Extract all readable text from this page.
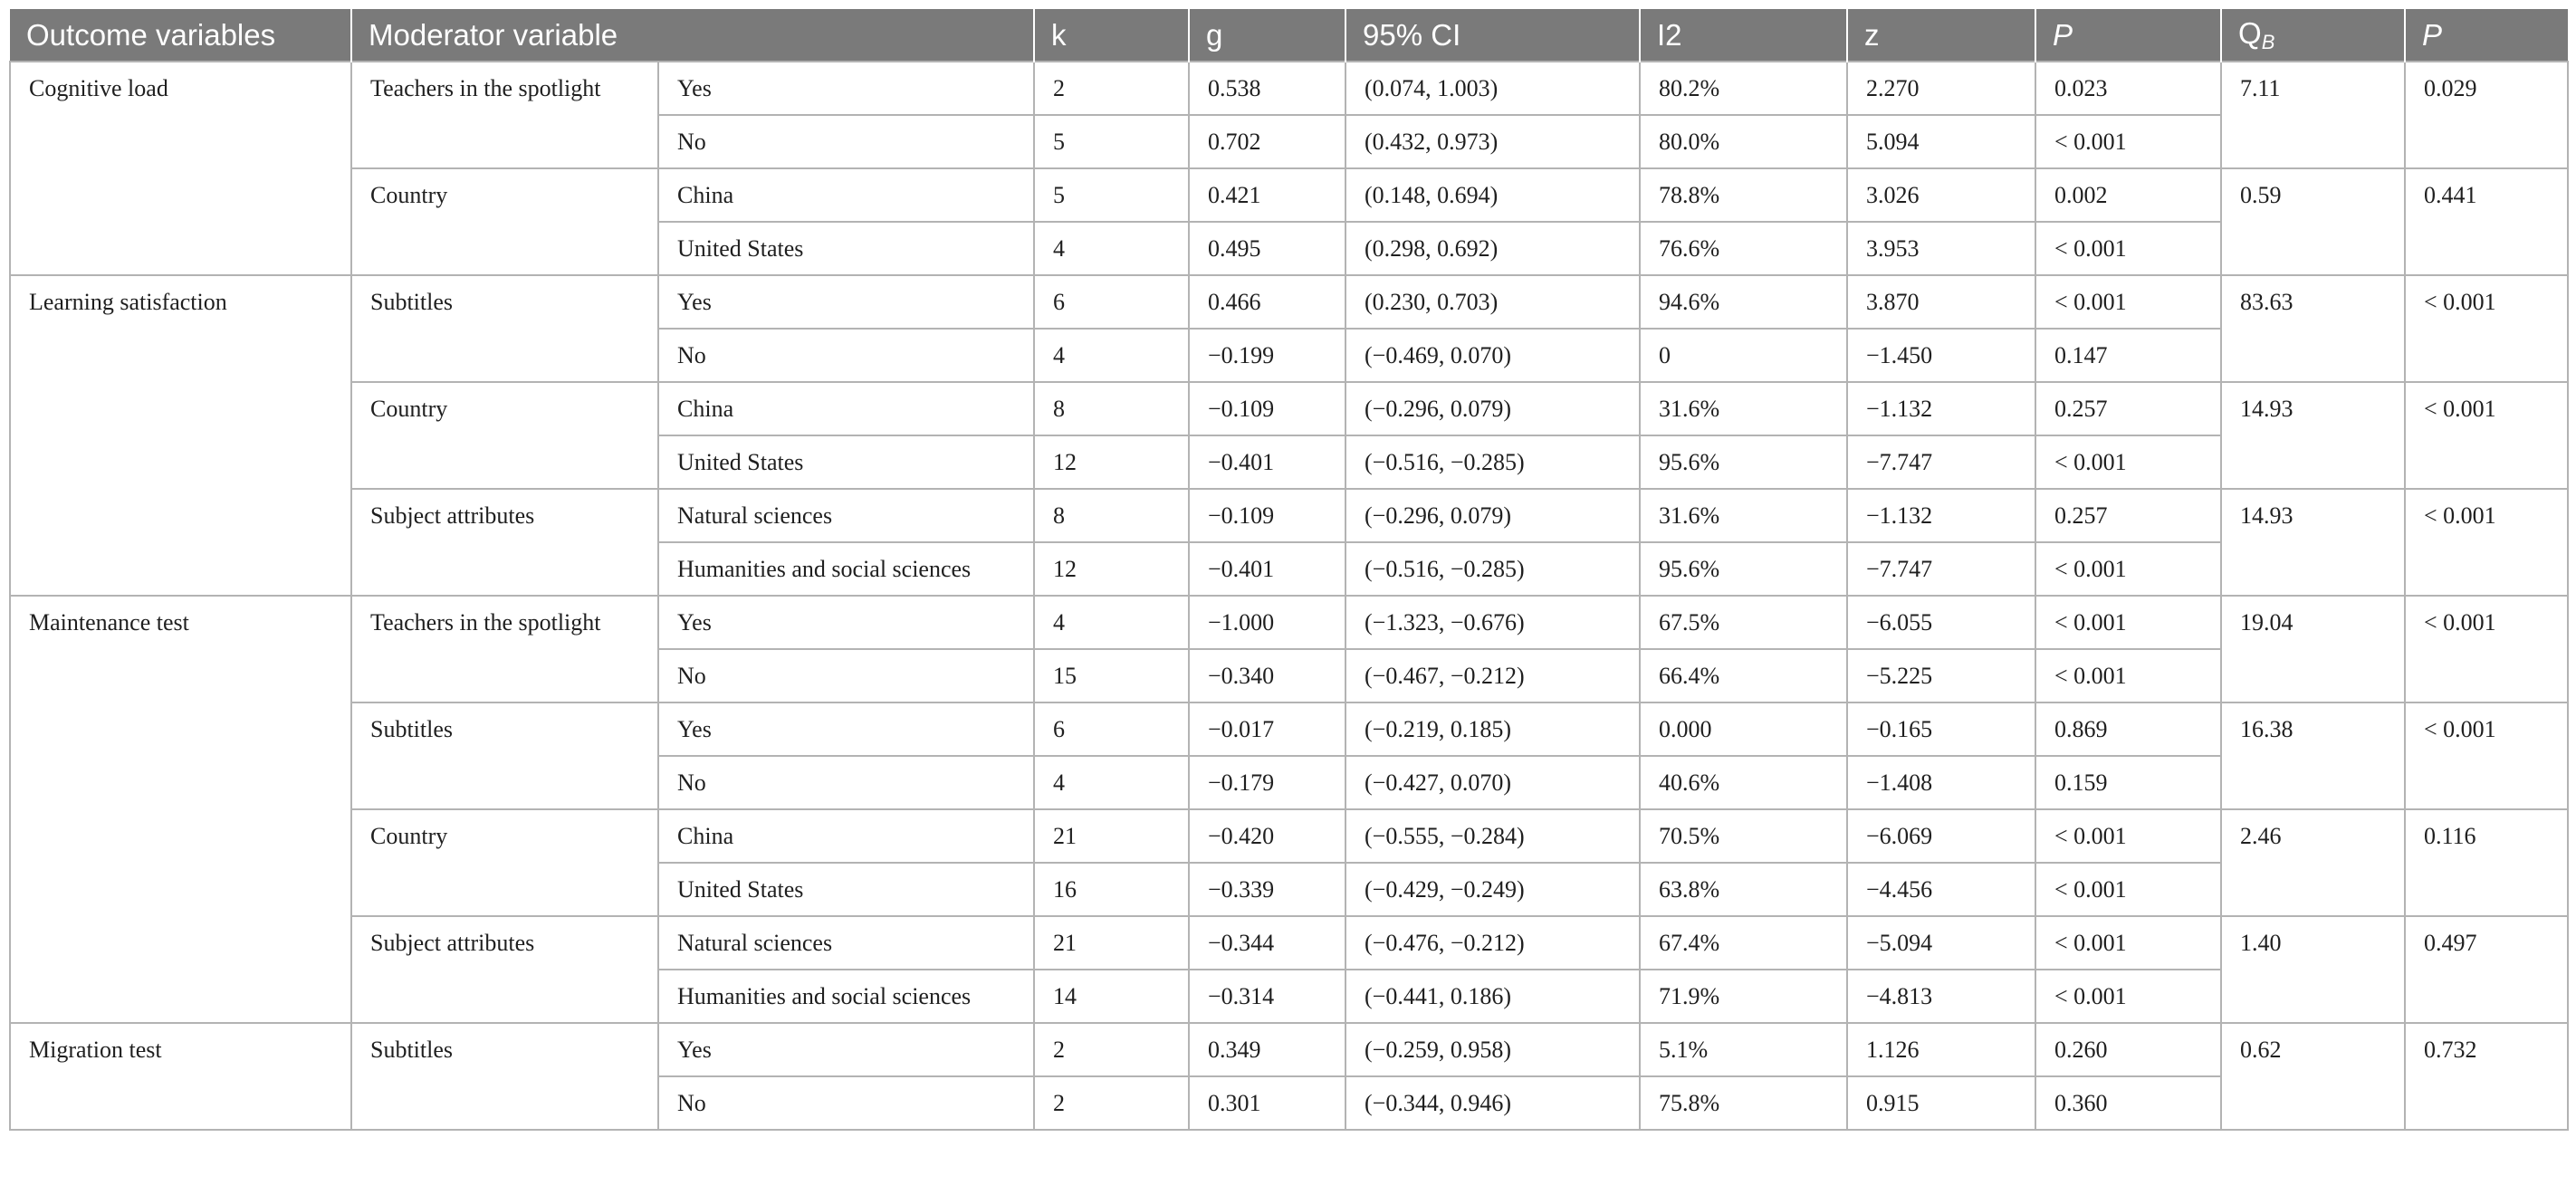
Outcome variables	Moderator variable		k	g	95% CI	I2	z	P	$Q_B$	P
Cognitive load	Teachers in the spotlight	Yes	2	0.538	(0.074, 1.003)	80.2%	2.270	0.023	7.11	0.029
		No	5	0.702	(0.432, 0.973)	80.0%	5.094	< 0.001		
	Country	China	5	0.421	(0.148, 0.694)	78.8%	3.026	0.002	0.59	0.441
		United States	4	0.495	(0.298, 0.692)	76.6%	3.953	< 0.001		
Learning satisfaction	Subtitles	Yes	6	0.466	(0.230, 0.703)	94.6%	3.870	< 0.001	83.63	< 0.001
		No	4	−0.199	(−0.469, 0.070)	0	−1.450	0.147		
	Country	China	8	−0.109	(−0.296, 0.079)	31.6%	−1.132	0.257	14.93	< 0.001
		United States	12	−0.401	(−0.516, −0.285)	95.6%	−7.747	< 0.001		
	Subject attributes	Natural sciences	8	−0.109	(−0.296, 0.079)	31.6%	−1.132	0.257	14.93	< 0.001
		Humanities and social sciences	12	−0.401	(−0.516, −0.285)	95.6%	−7.747	< 0.001		
Maintenance test	Teachers in the spotlight	Yes	4	−1.000	(−1.323, −0.676)	67.5%	−6.055	< 0.001	19.04	< 0.001
		No	15	−0.340	(−0.467, −0.212)	66.4%	−5.225	< 0.001		
	Subtitles	Yes	6	−0.017	(−0.219, 0.185)	0.000	−0.165	0.869	16.38	< 0.001
		No	4	−0.179	(−0.427, 0.070)	40.6%	−1.408	0.159		
	Country	China	21	−0.420	(−0.555, −0.284)	70.5%	−6.069	< 0.001	2.46	0.116
		United States	16	−0.339	(−0.429, −0.249)	63.8%	−4.456	< 0.001		
	Subject attributes	Natural sciences	21	−0.344	(−0.476, −0.212)	67.4%	−5.094	< 0.001	1.40	0.497
		Humanities and social sciences	14	−0.314	(−0.441, 0.186)	71.9%	−4.813	< 0.001		
Migration test	Subtitles	Yes	2	0.349	(−0.259, 0.958)	5.1%	1.126	0.260	0.62	0.732
		No	2	0.301	(−0.344, 0.946)	75.8%	0.915	0.360		
